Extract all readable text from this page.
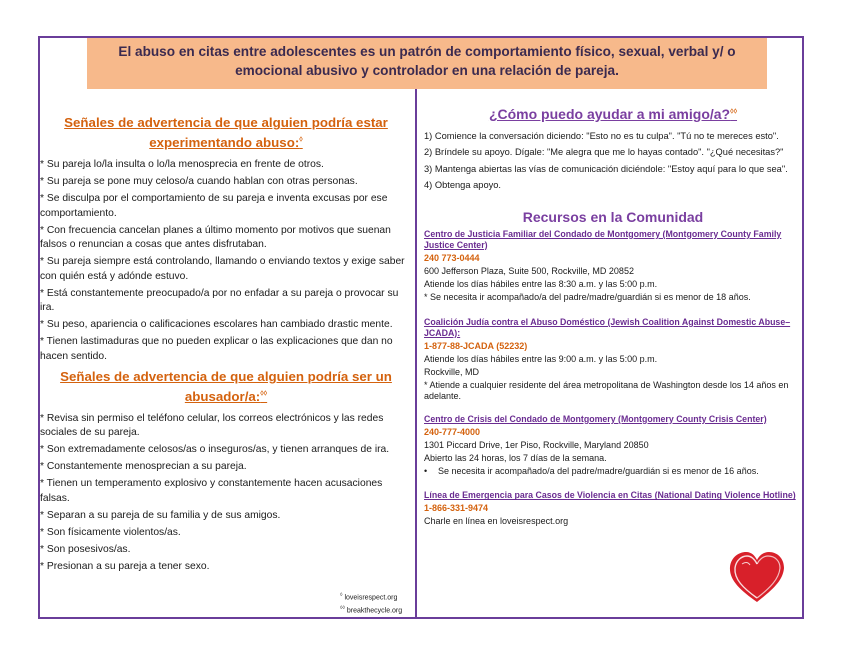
El abuso en citas entre adolescentes es un patrón de comportamiento físico, sexual, verbal y/ o emocional abusivo y controlador en una relación de pareja.
Señales de advertencia de que alguien podría estar experimentando abuso:◊

* Su pareja lo/la insulta o lo/la menosprecia en frente de otros.

* Su pareja se pone muy celoso/a cuando hablan con otras personas.

* Se disculpa por el comportamiento de su pareja e inventa excusas por ese comportamiento.

* Con frecuencia cancelan planes a último momento por motivos que suenan falsos o renuncian a cosas que antes disfrutaban.

* Su pareja siempre está controlando, llamando o enviando textos y exige saber con quién está y adónde estuvo.

* Está constantemente preocupado/a por no enfadar a su pareja o provocar su ira.

* Su peso, apariencia o calificaciones escolares han cambiado drastic mente.

* Tienen lastimaduras que no pueden explicar o las explicaciones que dan no hacen sentido.

Señales de advertencia de que alguien podría ser un abusador/a:◊◊

* Revisa sin permiso el teléfono celular, los correos electrónicos y las redes sociales de su pareja.

* Son extremadamente celosos/as o inseguros/as, y tienen arranques de ira.

* Constantemente menosprecian a su pareja.

* Tienen un temperamento explosivo y constantemente hacen acusaciones falsas.

* Separan a su pareja de su familia y de sus amigos.

* Son físicamente violentos/as.

* Son posesivos/as.

* Presionan a su pareja a tener sexo.

◊ loveisrespect.org
◊◊ breakthecycle.org
¿Cómo puedo ayudar a mi amigo/a?◊◊

1) Comience la conversación diciendo: "Esto no es tu culpa". "Tú no te mereces esto".

2) Bríndele su apoyo. Dígale: "Me alegra que me lo hayas contado". "¿Qué necesitas?"

3) Mantenga abiertas las vías de comunicación diciéndole: "Estoy aquí para lo que sea".

4) Obtenga apoyo.

Recursos en la Comunidad
Centro de Justicia Familiar del Condado de Montgomery (Montgomery County Family Justice Center)
240 773-0444
600 Jefferson Plaza, Suite 500, Rockville, MD 20852
Atiende los días hábiles entre las 8:30 a.m. y las 5:00 p.m.
* Se necesita ir acompañado/a del padre/madre/guardián si es menor de 18 años.
Coalición Judía contra el Abuso Doméstico (Jewish Coalition Against Domestic Abuse– JCADA):
1-877-88-JCADA (52232)
Atiende los días hábiles entre las 9:00 a.m. y las 5:00 p.m.
Rockville, MD
* Atiende a cualquier residente del área metropolitana de Washington desde los 14 años en adelante.
Centro de Crisis del Condado de Montgomery (Montgomery County Crisis Center)
240-777-4000
1301 Piccard Drive, 1er Piso, Rockville, Maryland 20850
Abierto las 24 horas, los 7 días de la semana.
•	Se necesita ir acompañado/a del padre/madre/guardián si es menor de 16 años.
Línea de Emergencia para Casos de Violencia en Citas (National Dating Violence Hotline)
1-866-331-9474
Charle en línea en loveisrespect.org
